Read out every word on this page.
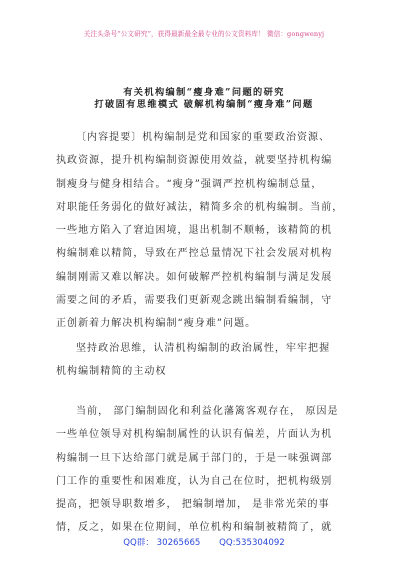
关注头条号“公文研究”，获得最新最全最专业的公文资料库！ 微信：gongwenyj
有关机构编制“瘦身难”问题的研究
打破固有思维模式 破解机构编制“瘦身难”问题
〔内容提要〕机构编制是党和国家的重要政治资源、
执政资源，提升机构编制资源使用效益，就要坚持机构编
制瘦身与健身相结合。“瘦身”强调严控机构编制总量，
对职能任务弱化的做好减法，精简多余的机构编制。当前，
一些地方陷入了窘迫困境，退出机制不顺畅，该精简的机
构编制难以精简，导致在严控总量情况下社会发展对机构
编制刚需又难以解决。如何破解严控机构编制与满足发展
需要之间的矛盾，需要我们更新观念跳出编制看编制，守
正创新着力解决机构编制“瘦身难”问题。
坚持政治思维，认清机构编制的政治属性，牢牢把握
机构编制精简的主动权
当前， 部门编制固化和利益化藩篱客观存在， 原因是
一些单位领导对机构编制属性的认识有偏差，片面认为机
构编制一旦下达给部门就是属于部门的，于是一味强调部
门工作的重要性和困难度，认为自己在位时，把机构级别
提高，把领导职数增多， 把编制增加， 是非常光荣的事
情，反之，如果在位期间，单位机构和编制被精简了，就
QQ群： 30265665 QQ:535304092
